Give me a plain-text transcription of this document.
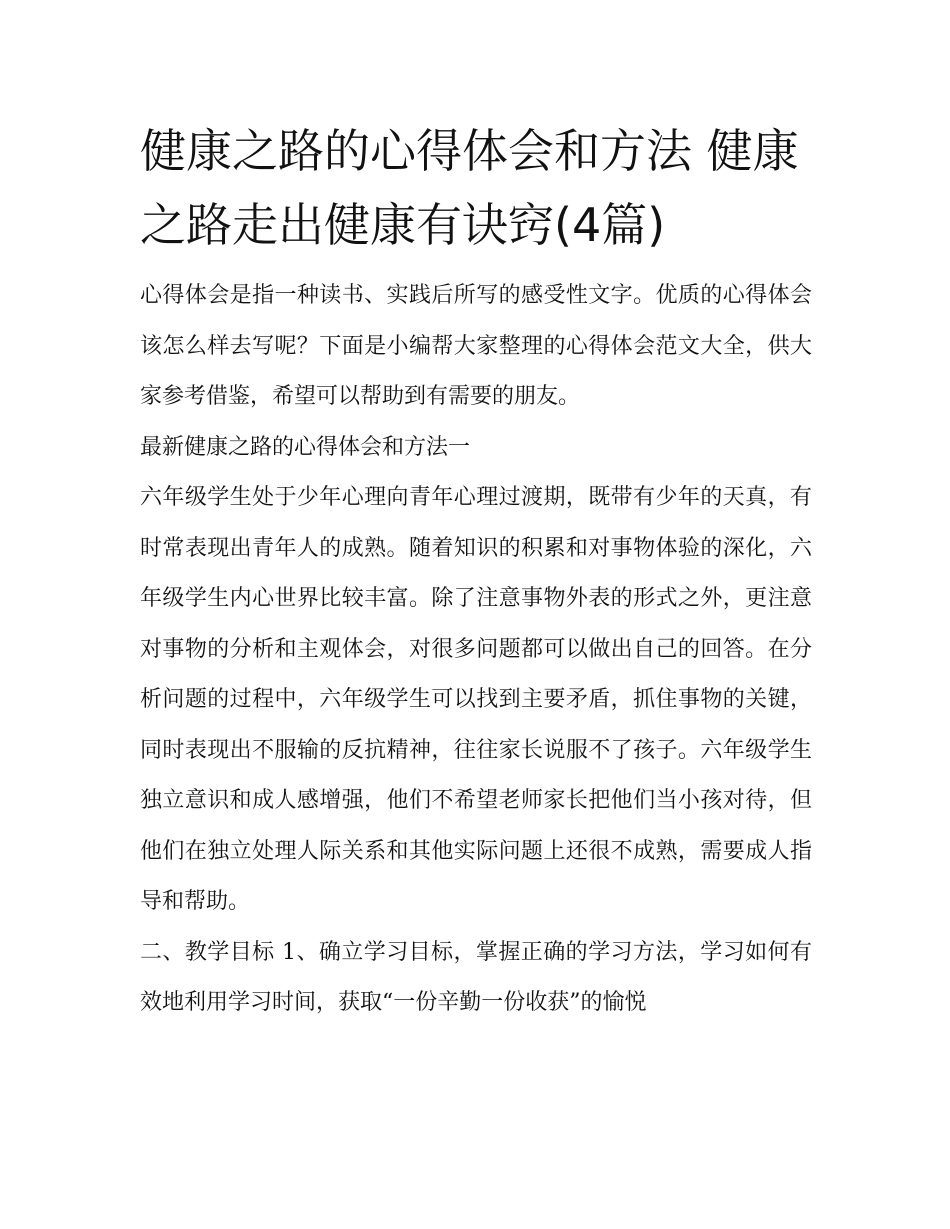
健康之路的心得体会和方法 健康之路走出健康有诀窍(4篇)

心得体会是指一种读书、实践后所写的感受性文字。优质的心得体会该怎么样去写呢？下面是小编帮大家整理的心得体会范文大全，供大家参考借鉴，希望可以帮助到有需要的朋友。

最新健康之路的心得体会和方法一

六年级学生处于少年心理向青年心理过渡期，既带有少年的天真，有时常表现出青年人的成熟。随着知识的积累和对事物体验的深化，六年级学生内心世界比较丰富。除了注意事物外表的形式之外，更注意对事物的分析和主观体会，对很多问题都可以做出自己的回答。在分析问题的过程中，六年级学生可以找到主要矛盾，抓住事物的关键，同时表现出不服输的反抗精神，往往家长说服不了孩子。六年级学生独立意识和成人感增强，他们不希望老师家长把他们当小孩对待，但他们在独立处理人际关系和其他实际问题上还很不成熟，需要成人指导和帮助。

二、教学目标 1、确立学习目标，掌握正确的学习方法，学习如何有效地利用学习时间，获取“一份辛勤一份收获”的愉悦
